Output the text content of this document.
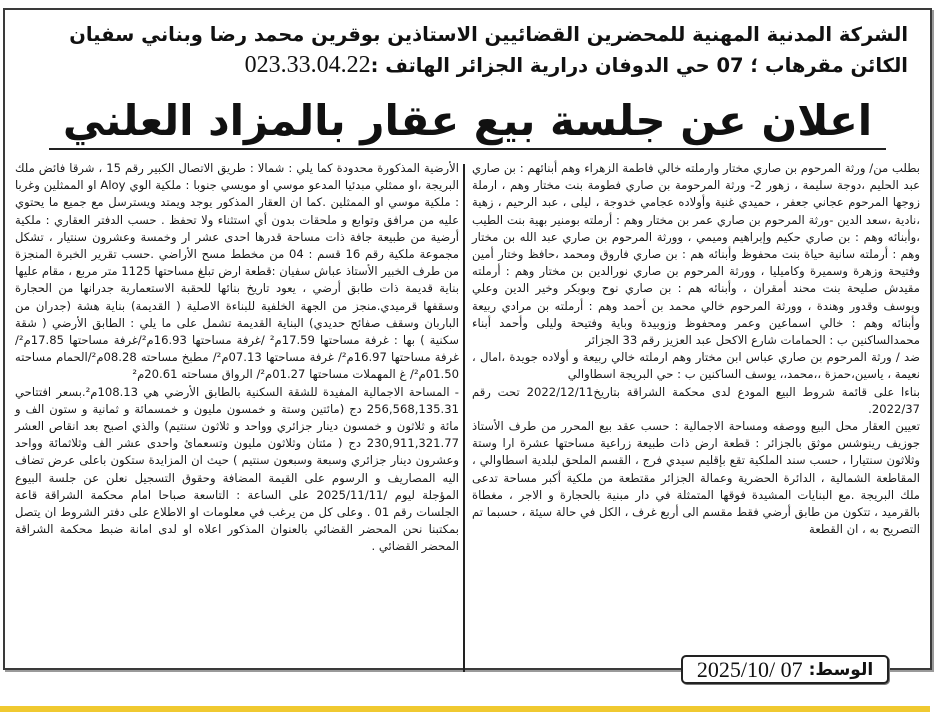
الشركة المدنية المهنية للمحضرين القضائيين الاستاذين بوقرين محمد رضا وبناني سفيان
الكائن مقرهاب ؛ 07 حي الدوفان درارية الجزائر الهاتف :023.33.04.22
اعلان عن جلسة بيع عقار بالمزاد العلني

بطلب من/ ورثة المرحوم بن صاري مختار وارملته خالي فاطمة الزهراء وهم أبنائهم : بن صاري عبد الحليم ،دوجة سليمة ، زهور 2- ورثة المرحومة بن صاري فطومة بنت مختار وهم ، ارملة زوجها المرحوم عجاني جعفر ، حميدي غنية وأولاده عجامي خدوجة ، ليلى ، عبد الرحيم ، زهية ،نادية ،سعد الدين -ورثة المرحوم بن صاري عمر بن مختار وهم : أرملته بومنير بهية بنت الطيب ،وأبنائه وهم : بن صاري حكيم وإبراهيم وميمي ، وورثة المرحوم بن صاري عبد الله بن مختار وهم : أرملته سانية حياة بنت محفوظ وأبنائه هم : بن صاري فاروق ومحمد ،حافظ وختار أمين وفتيحة وزهرة وسميرة وكاميليا ، وورثة المرحوم بن صاري نورالدين بن مختار وهم : أرملته مقيدش صليحة بنت محند أمقران ، وأبنائه هم : بن صاري نوح وبوبكر وخير الدين وعلي ويوسف وقدور وهندة ، وورثة المرحوم خالي محمد بن أحمد وهم : أرملته بن مرادي ربيعة وأبنائه وهم : خالي اسماعين وعمر ومحفوظ وزوبيدة وباية وفتيحة وليلى وأحمد أبناء محمدالساكنين ب : الحمامات شارع الاكحل عبد العزيز رقم 33 الجزائر

ضد / ورثة المرحوم بن صاري عباس ابن مختار وهم ارملته خالي ربيعة و أولاده جويدة ،امال ، نعيمة ، ياسين،حمزة ،،محمد،، يوسف الساكنين ب : حي البريجة اسطاوالي

بناءا على قائمة شروط البيع المودع لدى محكمة الشراقة بتاريخ2022/12/11 تحت رقم 2022/37.

تعيين العقار محل البيع ووصفه ومساحة الاجمالية : حسب عقد بيع المحرر من طرف الأستاذ جوزيف رينوشس موثق بالجزائر : قطعة ارض ذات طبيعة زراعية مساحتها عشرة ارا وستة وثلاثون سنتيارا ، حسب سند الملكية تقع بإقليم سيدي فرج ، القسم الملحق لبلدية اسطاوالي ، المقاطعة الشمالية ، الدائرة الحضرية وعمالة الجزائر مقتطعة من ملكية أكبر مساحة تدعى ملك البريجة .مع البنايات المشيدة فوقها المتمثلة في دار مبنية بالحجارة و الاجر ، مغطاة بالقرميد ، تتكون من طابق أرضي فقط مقسم الى أربع غرف ، الكل في حالة سيئة ، حسبما تم التصريح به ، ان القطعة

الأرضية المذكورة محدودة كما يلي : شمالا : طريق الاتصال الكبير رقم 15 ، شرقا فائض ملك البريجة ،او ممثلي مبدئيا المدعو موسي او مويسي جنوبا : ملكية الوي Aloy او الممثلين وغربا : ملكية موسي او الممثلين .كما ان العقار المذكور يوجد ويمتد ويسترسل مع جميع ما يحتوي عليه من مرافق وتوابع و ملحقات بدون أي استثناء ولا تحفظ . حسب الدفتر العقاري : ملكية أرضية من طبيعة جافة ذات مساحة قدرها احدى عشر ار وخمسة وعشرون سنتيار ، تشكل مجموعة ملكية رقم 16 قسم : 04 من مخطط مسح الأراضي .حسب تقرير الخبرة المنجزة من طرف الخبير الأستاذ عباش سفيان :قطعة ارض تبلغ مساحتها 1125 متر مربع ، مقام عليها بناية قديمة ذات طابق أرضي ، يعود تاريخ بنائها للحقبة الاستعمارية جدرانها من الحجارة وسقفها قرميدي.منجز من الجهة الخلفية للبناءة الاصلية ( القديمة) بناية هشة (جدران من الباربان وسقف صفائح حديدي) البناية القديمة تشمل على ما يلي : الطابق الأرضي ( شقة سكنية ) بها : غرفة مساحتها 17.59م² /غرفة مساحتها 16.93م²/غرفة مساحتها 17.85م²/ غرفة مساحتها 16.97م²/ غرفة مساحتها 07.13م²/ مطبخ مساحته 08.28م²/الحمام مساحته 01.50م²/ غ المهملات مساحتها 01.27م²/ الرواق مساحته 20.61م²

- المساحة الاجمالية المفيدة للشقة السكنية بالطابق الأرضي هي 108.13م².بسعر افتتاحي 256,568,135.31 دج (مائتين وستة و خمسون مليون و خمسمائة و ثمانية و ستون الف و مائة و ثلاثون و خمسون دينار جزائري وواحد و ثلاثون سنتيم) والذي اصبح بعد انقاص العشر 230,911,321.77 دج ( مئتان وثلاثون مليون وتسعمائ واحدى عشر الف وثلاثمائة وواحد وعشرون دينار جزائري وسبعة وسبعون سنتيم ) حيث ان المزايدة ستكون باعلى عرض تضاف اليه المصاريف و الرسوم على القيمة المضافة وحقوق التسجيل نعلن عن جلسة البيوع المؤجلة ليوم /2025/11/11 على الساعة : التاسعة صباحا امام محكمة الشراقة قاعة الجلسات رقم 01 . وعلى كل من يرغب في معلومات او الاطلاع على دفتر الشروط ان يتصل بمكتبنا نحن المحضر القضائي بالعنوان المذكور اعلاه او لدى امانة ضبط محكمة الشراقة المحضر القضائي .

الوسط:
2025/10/ 07
